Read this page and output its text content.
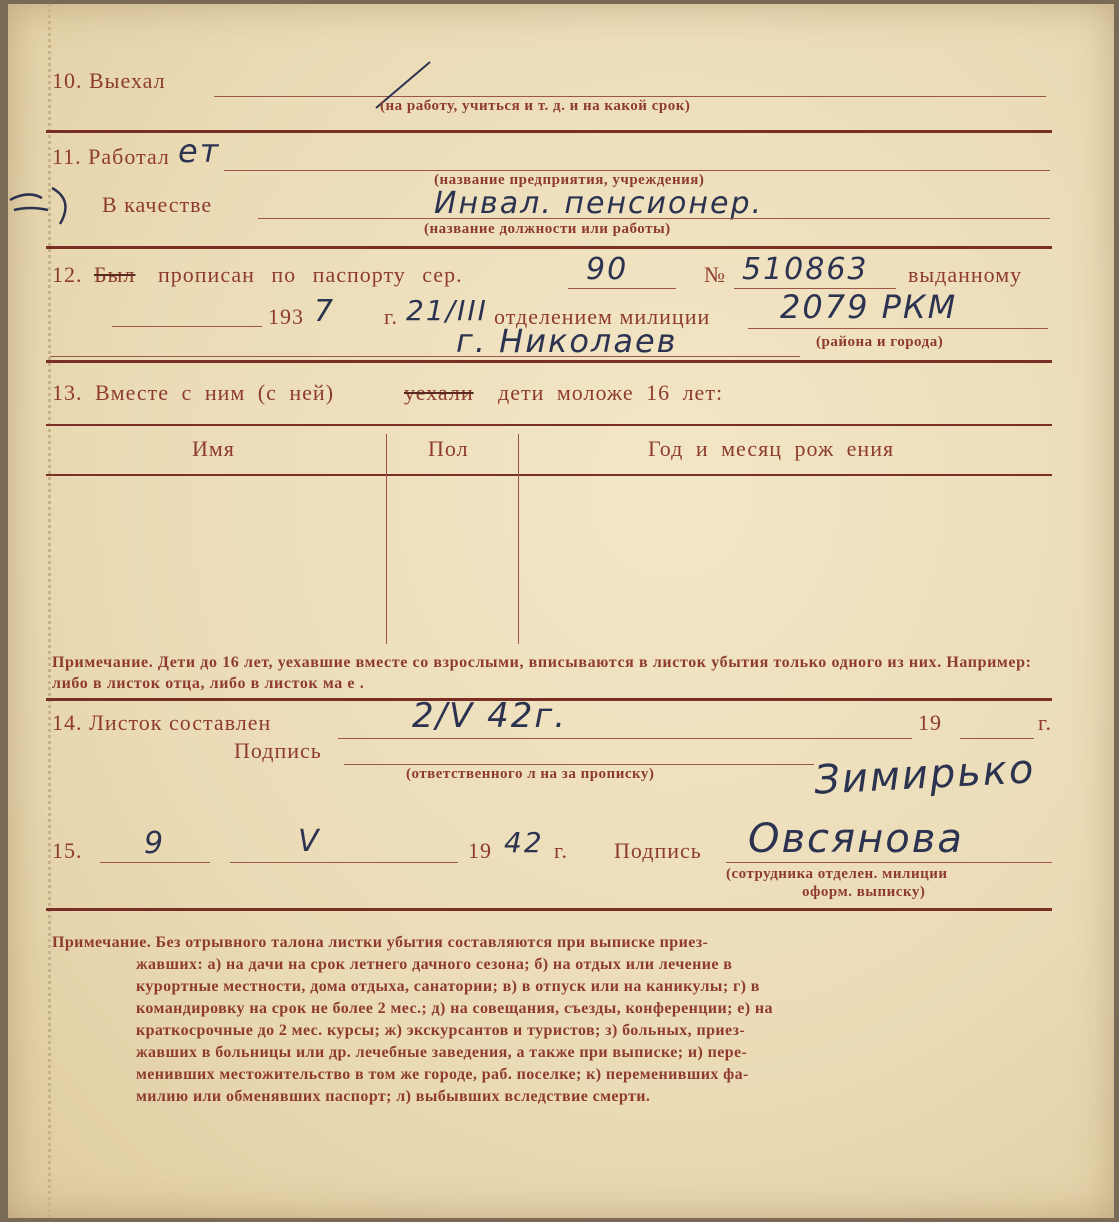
10. Выехал
(на работу, учиться и т. д. и на какой срок)
11. Работал ет
(название предприятия, учреждения)
В качестве	Инвал. пенсионер.
(название должности или работы)
12. Был прописан по паспорту сер.	90	№ 510863 выданному
193 7 г. 21/III отделением милиции 2079 РКМ
г. Николаев	(района и города)
13. Вместе с ним (с ней)	уехали дети моложе 16 лет:
Имя	Пол	Год и месяц рож ения
Примечание. Дети до 16 лет, уехавшие вместе со взрослыми, вписываются в листок убытия только одного из них. Например: либо в листок отца, либо в листок ма е .
14. Листок составлен	2/V 42г.	19	г.
Подпись
(ответственного л на за прописку)	Зимирько
15. 9	V	19 42 г. Подпись Овсянова
(сотрудника отделен. милиции
оформ. выписку)
Примечание. Без отрывного талона листки убытия составляются при выписке приез-
жавших: а) на дачи на срок летнего дачного сезона; б) на отдых или лечение в
курортные местности, дома отдыха, санатории; в) в отпуск или на каникулы; г) в
командировку на срок не более 2 мес.; д) на совещания, съезды, конференции; е) на
краткосрочные до 2 мес. курсы; ж) экскурсантов и туристов; з) больных, приез-
жавших в больницы или др. лечебные заведения, а также при выписке; и) пере-
менивших местожительство в том же городе, раб. поселке; к) переменивших фа-
милию или обменявших паспорт; л) выбывших вследствие смерти.
